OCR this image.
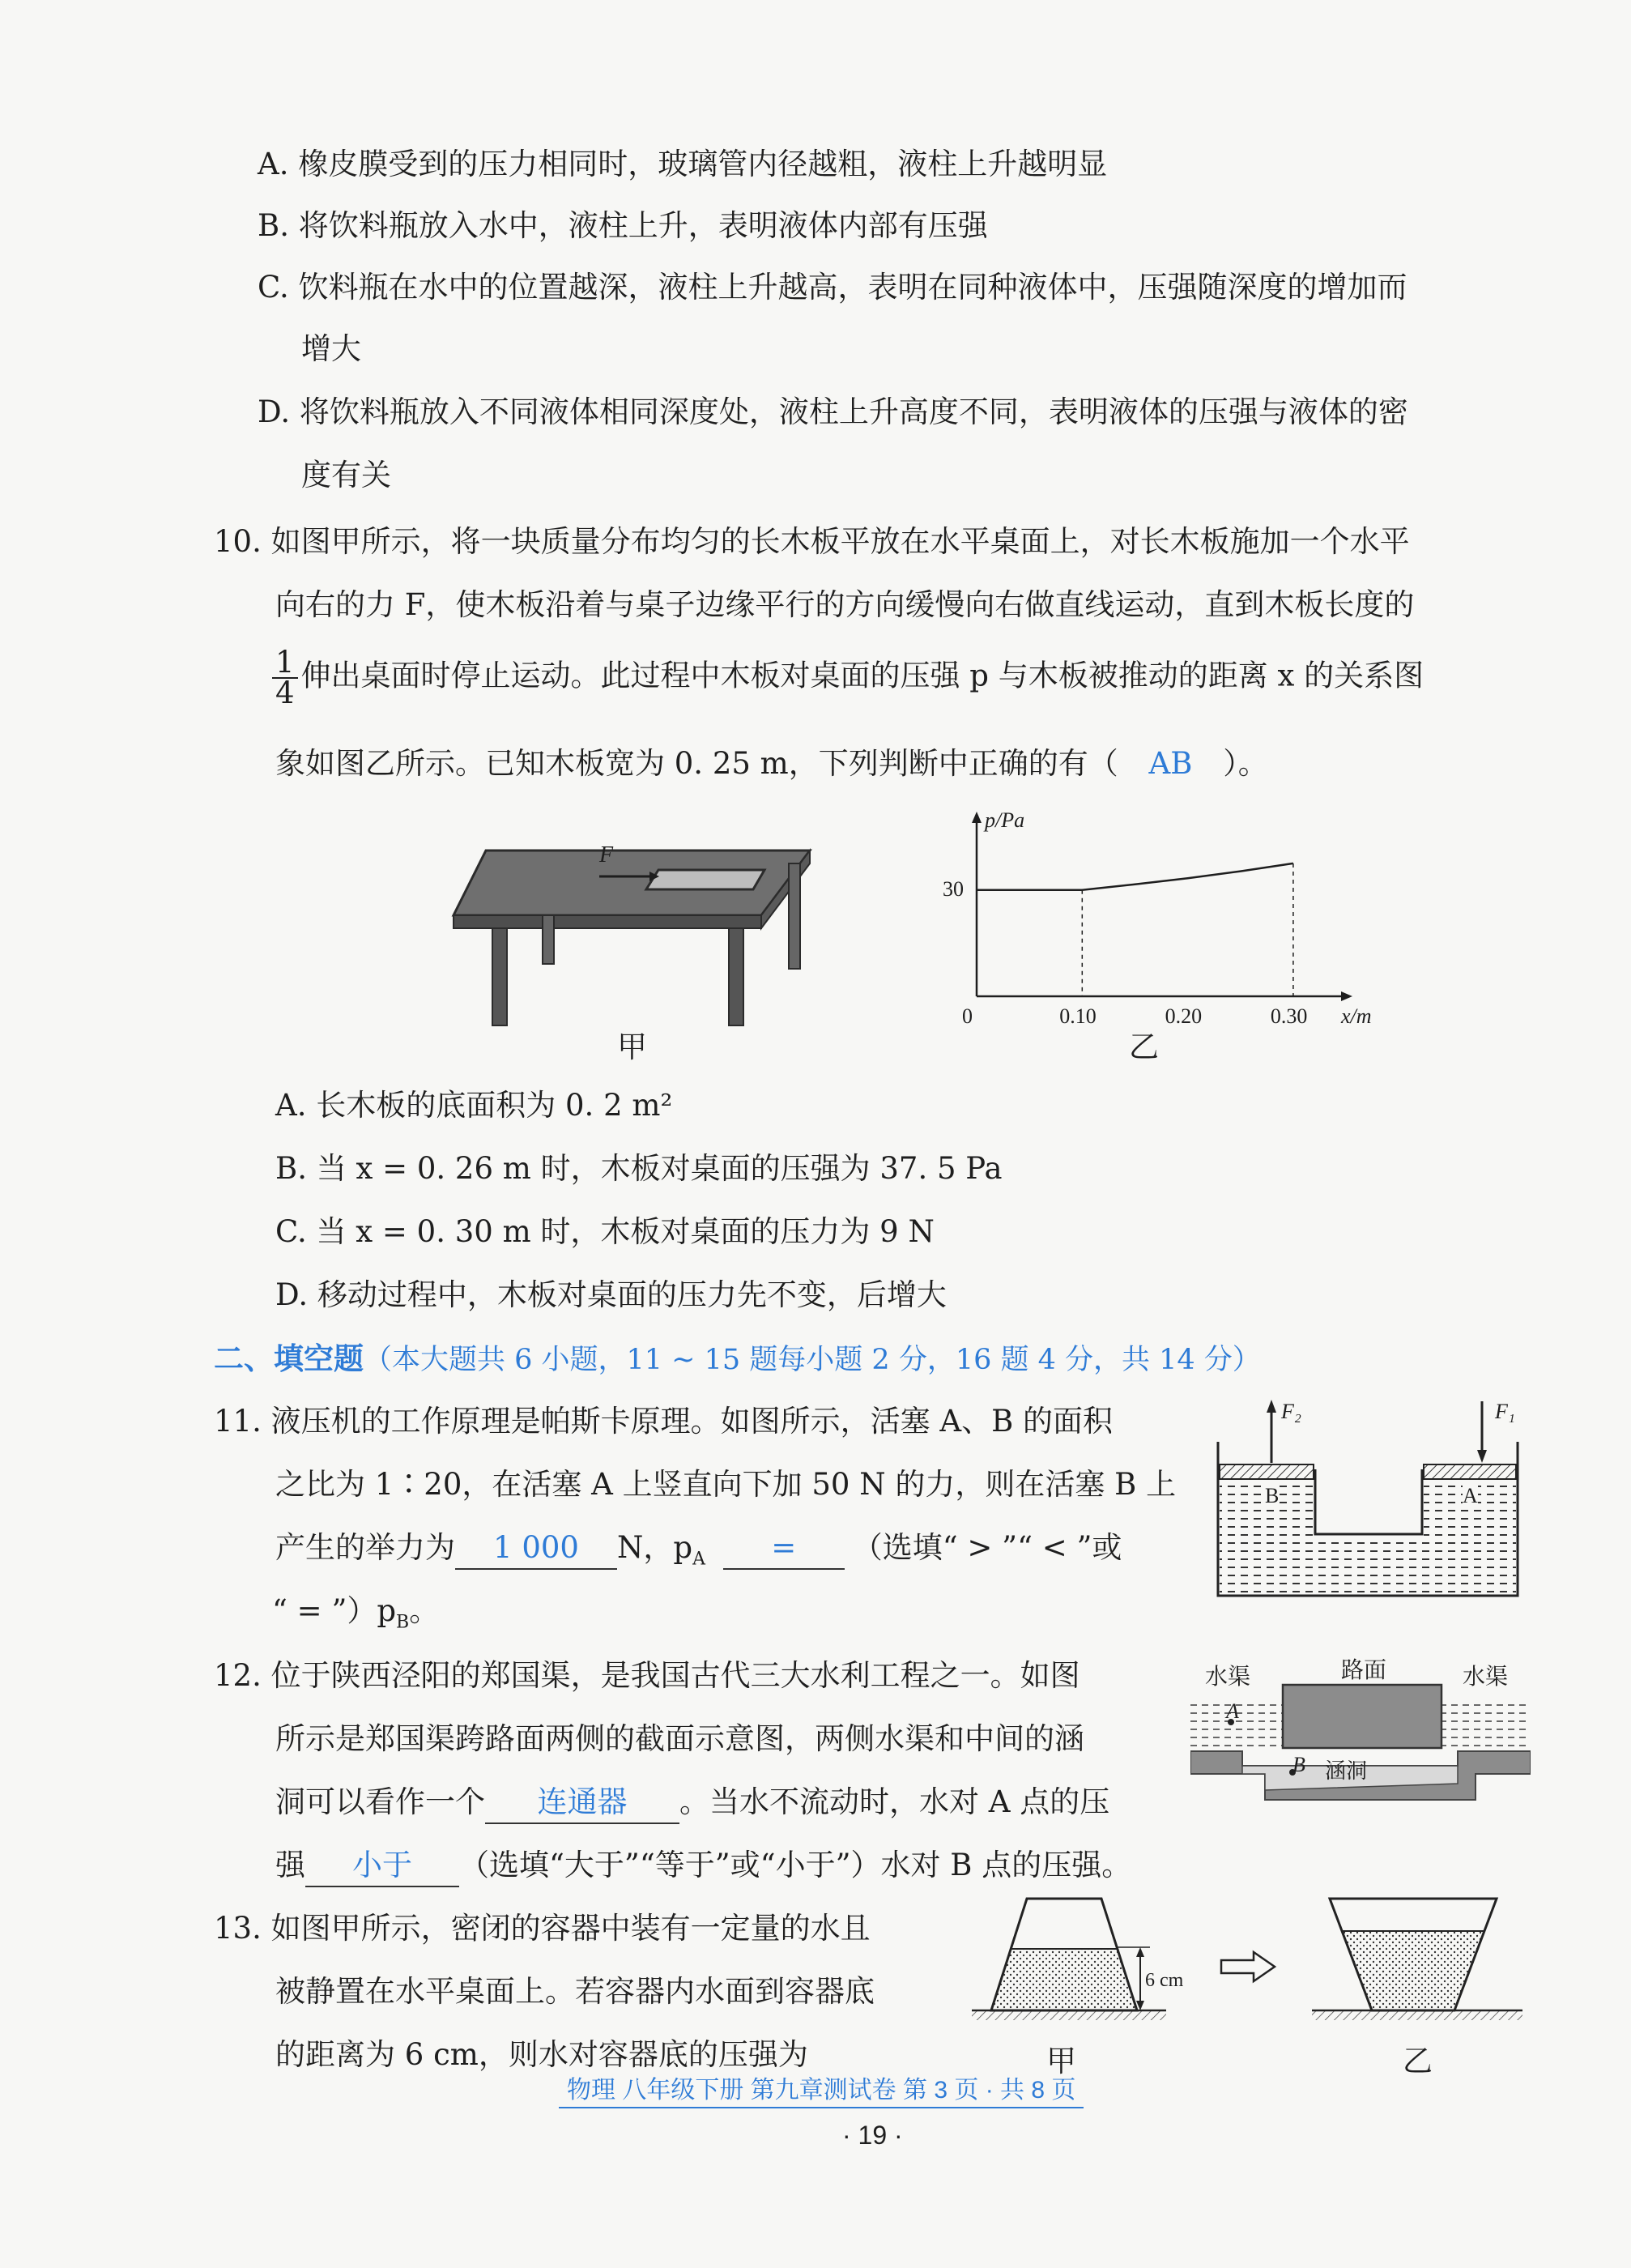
A. 橡皮膜受到的压力相同时，玻璃管内径越粗，液柱上升越明显
B. 将饮料瓶放入水中，液柱上升，表明液体内部有压强
C. 饮料瓶在水中的位置越深，液柱上升越高，表明在同种液体中，压强随深度的增加而
增大
D. 将饮料瓶放入不同液体相同深度处，液柱上升高度不同，表明液体的压强与液体的密
度有关
10. 如图甲所示，将一块质量分布均匀的长木板平放在水平桌面上，对长木板施加一个水平
向右的力 F，使木板沿着与桌子边缘平行的方向缓慢向右做直线运动，直到木板长度的
$\frac{1}{4}$ 伸出桌面时停止运动。此过程中木板对桌面的压强 p 与木板被推动的距离 x 的关系图
象如图乙所示。已知木板宽为 0. 25 m，下列判断中正确的有（ AB ）。
F
甲
p/Pa
x/m
30
0	0.10	0.20	0.30
乙
A. 长木板的底面积为 0. 2 m²
B. 当 x = 0. 26 m 时，木板对桌面的压强为 37. 5 Pa
C. 当 x = 0. 30 m 时，木板对桌面的压力为 9 N
D. 移动过程中，木板对桌面的压力先不变，后增大
二、填空题（本大题共 6 小题，11 ~ 15 题每小题 2 分，16 题 4 分，共 14 分）
11. 液压机的工作原理是帕斯卡原理。如图所示，活塞 A、B 的面积
之比为 1∶20，在活塞 A 上竖直向下加 50 N 的力，则在活塞 B 上
产生的举力为 1 000 N，$p_A$ = （选填“ > ”“ < ”或
“ = $”)p_B$。
F₂	F₁
B	A
12. 位于陕西泾阳的郑国渠，是我国古代三大水利工程之一。如图
所示是郑国渠跨路面两侧的截面示意图，两侧水渠和中间的涵
洞可以看作一个 连通器 。当水不流动时，水对 A 点的压
强 小于 （选填“大于”“等于”或“小于”）水对 B 点的压强。
水渠	路面	水渠
A
B 涵洞
13. 如图甲所示，密闭的容器中装有一定量的水且
被静置在水平桌面上。若容器内水面到容器底
的距离为 6 cm，则水对容器底的压强为
6 cm
甲	乙
物理 八年级下册 第九章测试卷 第 3 页 · 共 8 页
· 19 ·
